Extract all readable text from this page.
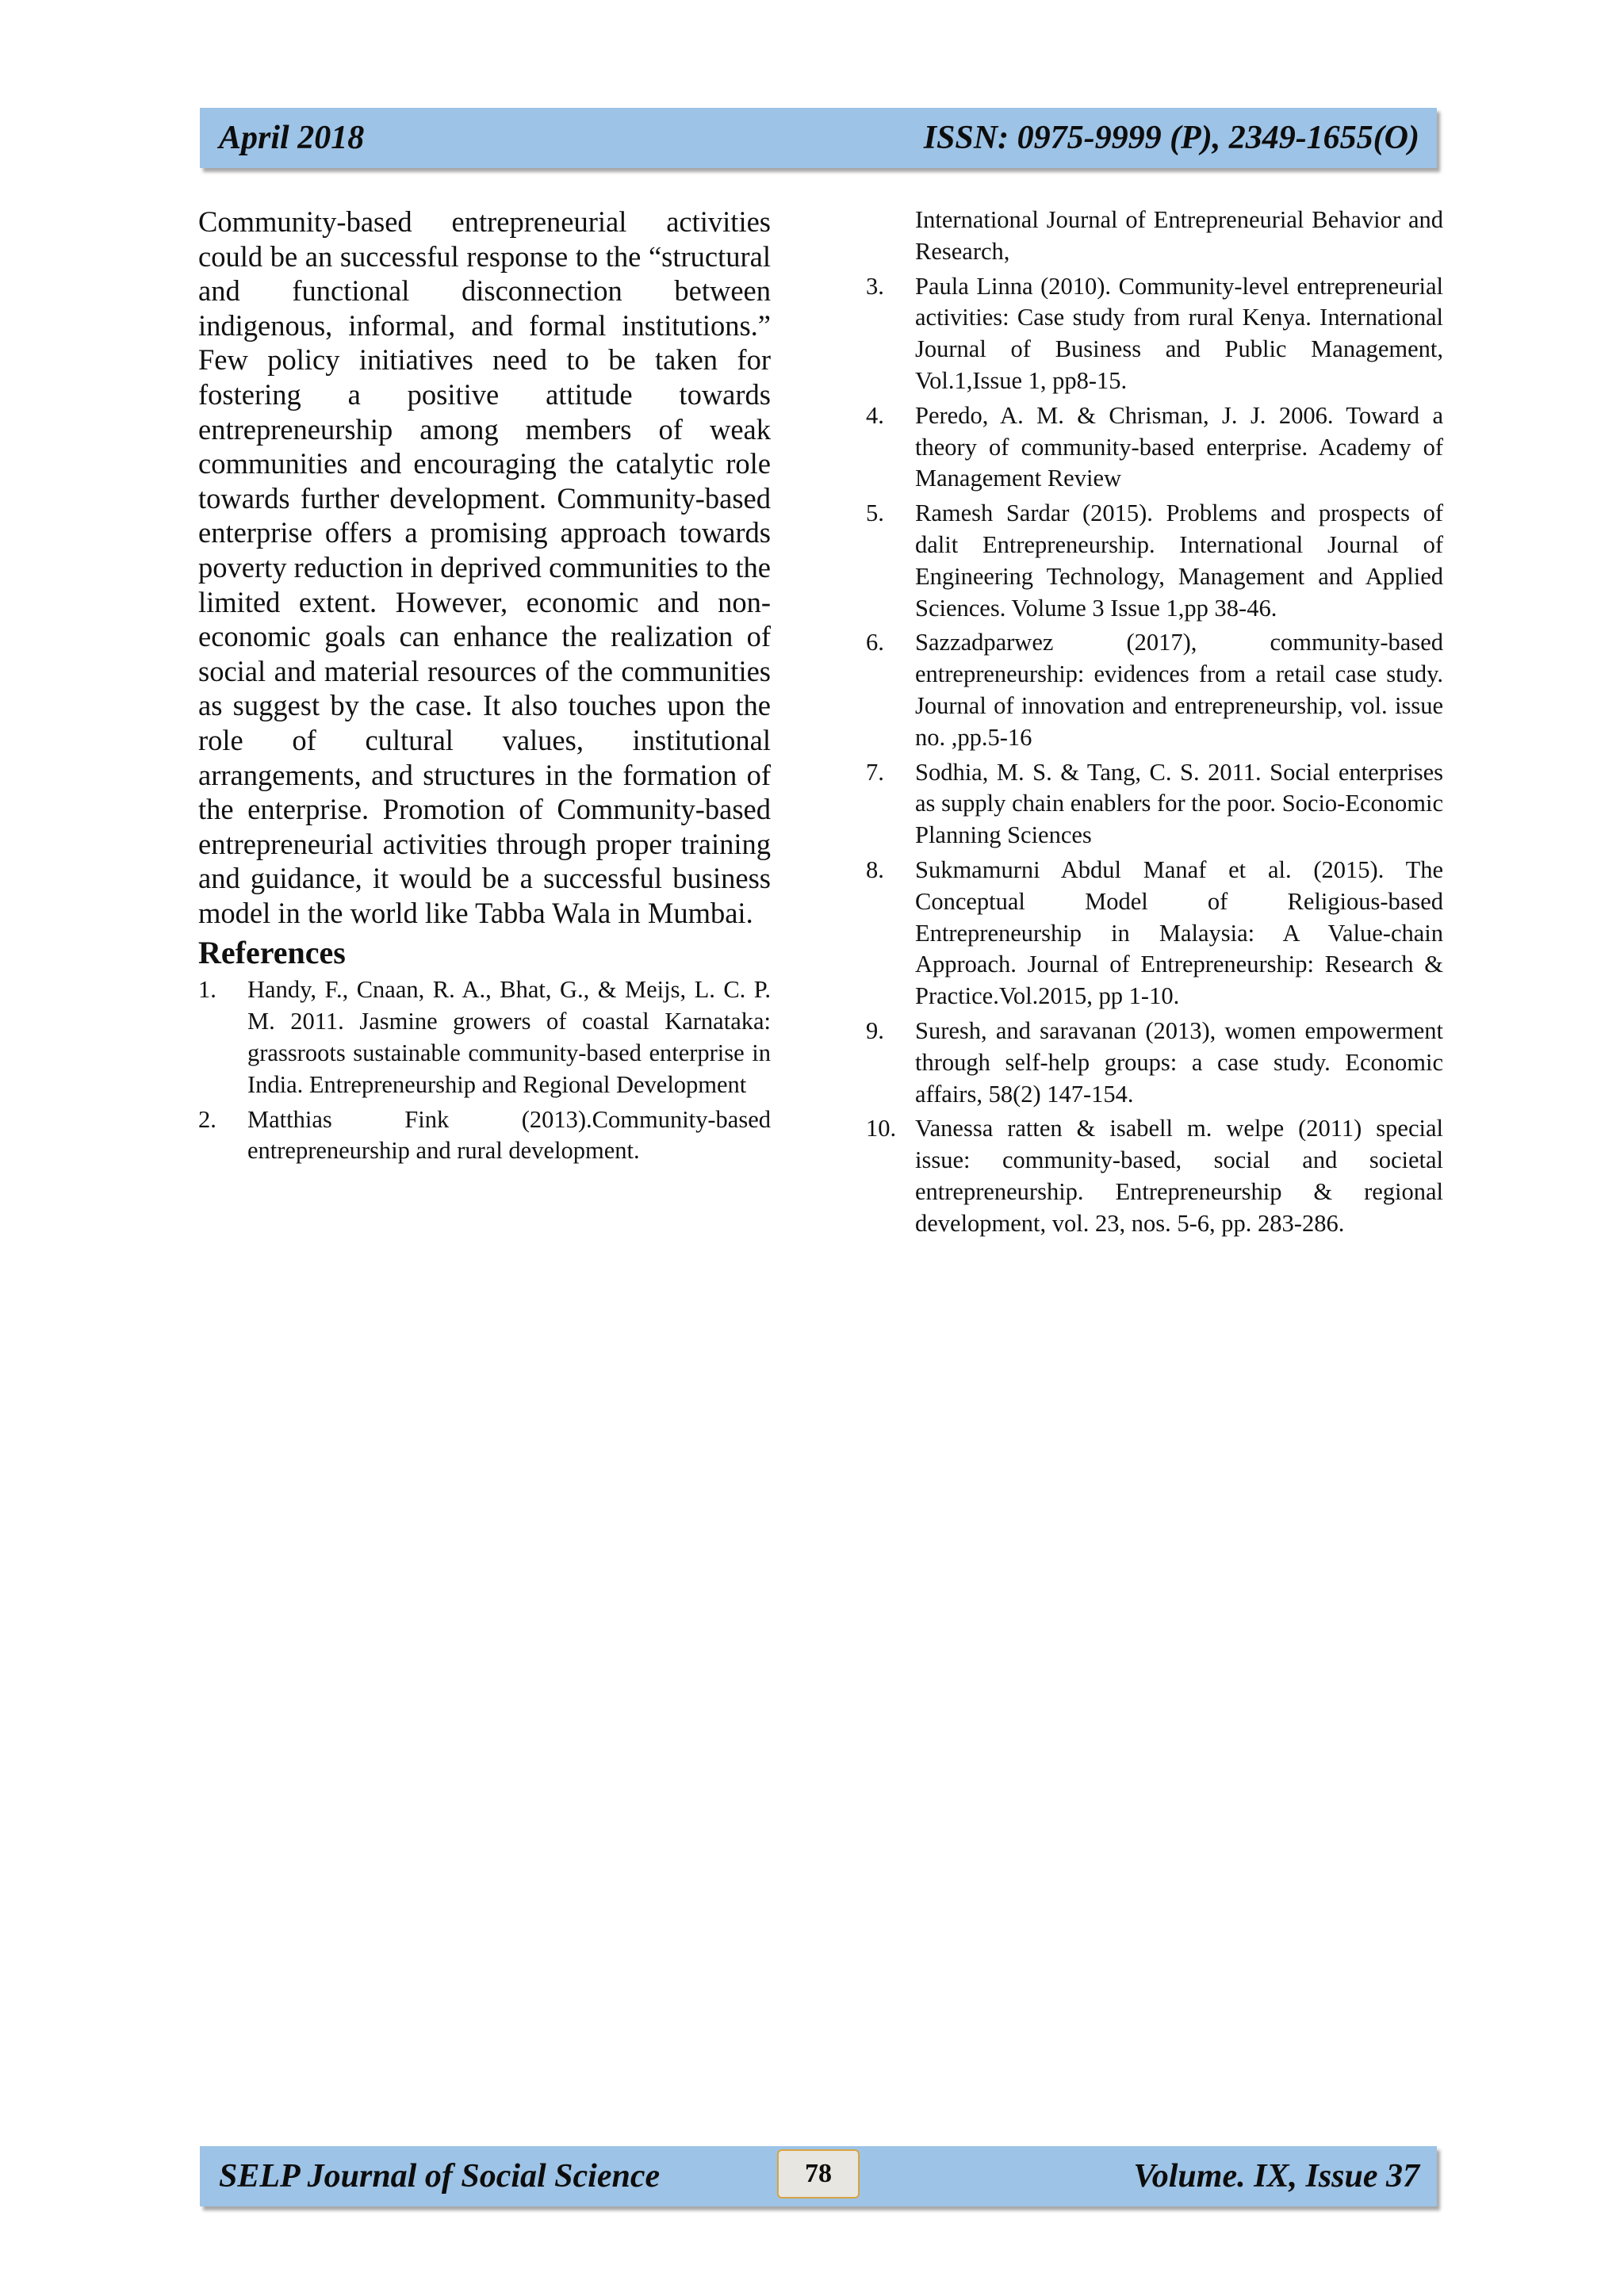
April 2018	ISSN: 0975-9999 (P), 2349-1655(O)

Community-based entrepreneurial activities could be an successful response to the “structural and functional disconnection between indigenous, informal, and formal institutions.” Few policy initiatives need to be taken for fostering a positive attitude towards entrepreneurship among members of weak communities and encouraging the catalytic role towards further development. Community-based enterprise offers a promising approach towards poverty reduction in deprived communities to the limited extent. However, economic and non-economic goals can enhance the realization of social and material resources of the communities as suggest by the case. It also touches upon the role of cultural values, institutional arrangements, and structures in the formation of the enterprise. Promotion of Community-based entrepreneurial activities through proper training and guidance, it would be a successful business model in the world like Tabba Wala in Mumbai.

References
1. Handy, F., Cnaan, R. A., Bhat, G., & Meijs, L. C. P. M. 2011. Jasmine growers of coastal Karnataka: grassroots sustainable community-based enterprise in India. Entrepreneurship and Regional Development
2. Matthias Fink (2013).Community-based entrepreneurship and rural development.
International Journal of Entrepreneurial Behavior and Research,
3. Paula Linna (2010). Community-level entrepreneurial activities: Case study from rural Kenya. International Journal of Business and Public Management, Vol.1,Issue 1, pp8-15.
4. Peredo, A. M. & Chrisman, J. J. 2006. Toward a theory of community-based enterprise. Academy of Management Review
5. Ramesh Sardar (2015). Problems and prospects of dalit Entrepreneurship. International Journal of Engineering Technology, Management and Applied Sciences. Volume 3 Issue 1,pp 38-46.
6. Sazzadparwez (2017), community-based entrepreneurship: evidences from a retail case study. Journal of innovation and entrepreneurship, vol. issue no. ,pp.5-16
7. Sodhia, M. S. & Tang, C. S. 2011. Social enterprises as supply chain enablers for the poor. Socio-Economic Planning Sciences
8. Sukmamurni Abdul Manaf et al. (2015). The Conceptual Model of Religious-based Entrepreneurship in Malaysia: A Value-chain Approach. Journal of Entrepreneurship: Research & Practice.Vol.2015, pp 1-10.
9. Suresh, and saravanan (2013), women empowerment through self-help groups: a case study. Economic affairs, 58(2) 147-154.
10. Vanessa ratten & isabell m. welpe (2011) special issue: community-based, social and societal entrepreneurship. Entrepreneurship & regional development, vol. 23, nos. 5-6, pp. 283-286.
SELP Journal of Social Science	78	Volume. IX, Issue 37
